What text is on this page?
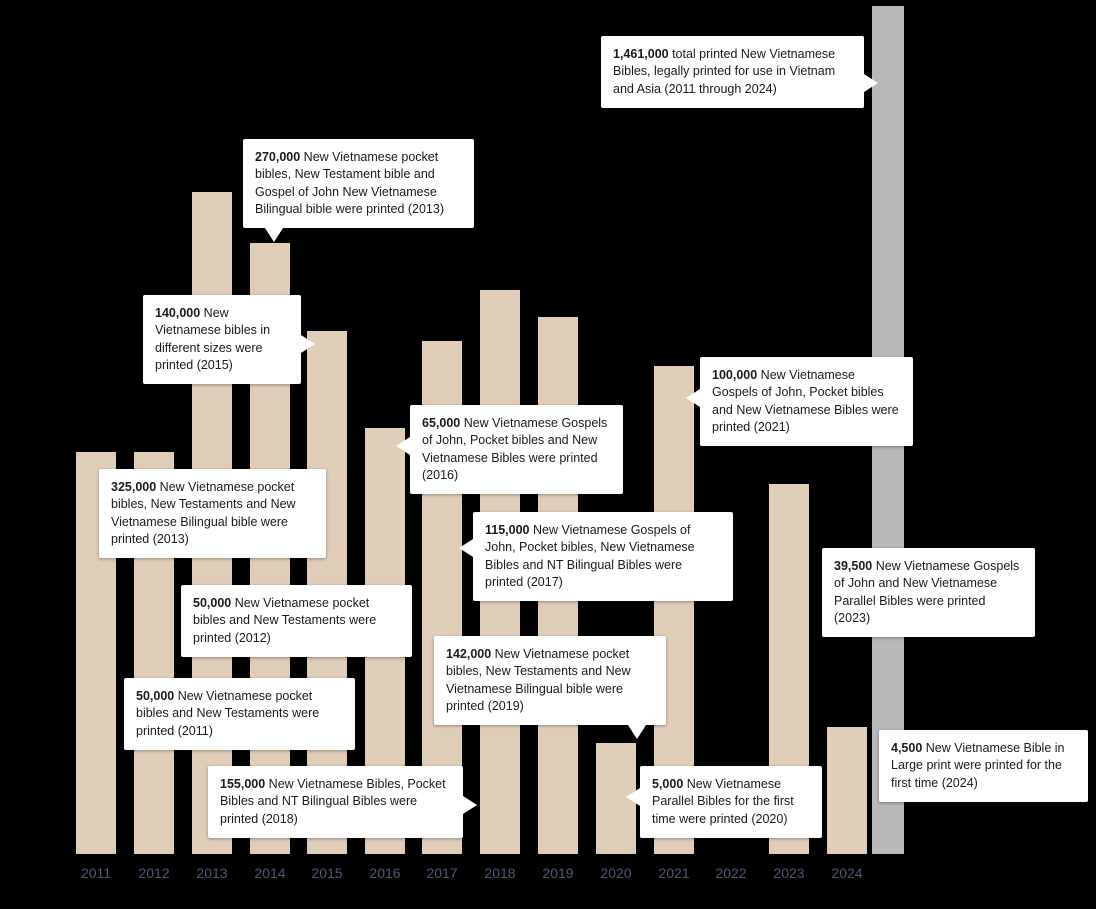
2011	2012	2013	2014	2015	2016	2017	2018	2019	2020	2021	2022	2023	2024
1,461,000 total printed New Vietnamese Bibles, legally printed for use in Vietnam and Asia (2011 through 2024)
270,000 New Vietnamese pocket bibles, New Testament bible and Gospel of John New Vietnamese Bilingual bible were printed (2013)
140,000 New Vietnamese bibles in different sizes were printed (2015)
100,000 New Vietnamese Gospels of John, Pocket bibles and New Vietnamese Bibles were printed (2021)
65,000 New Vietnamese Gospels of John, Pocket bibles and New Vietnamese Bibles were printed (2016)
325,000 New Vietnamese pocket bibles, New Testaments and New Vietnamese Bilingual bible were printed (2013)
115,000 New Vietnamese Gospels of John, Pocket bibles, New Vietnamese Bibles and NT Bilingual Bibles were printed (2017)
39,500 New Vietnamese Gospels of John and New Vietnamese Parallel Bibles were printed (2023)
50,000 New Vietnamese pocket bibles and New Testaments were printed (2012)
142,000 New Vietnamese pocket bibles, New Testaments and New Vietnamese Bilingual bible were printed (2019)
50,000 New Vietnamese pocket bibles and New Testaments were printed (2011)
4,500 New Vietnamese Bible in Large print were printed for the first time (2024)
155,000 New Vietnamese Bibles, Pocket Bibles and NT Bilingual Bibles were printed (2018)
5,000 New Vietnamese Parallel Bibles for the first time were printed (2020)
